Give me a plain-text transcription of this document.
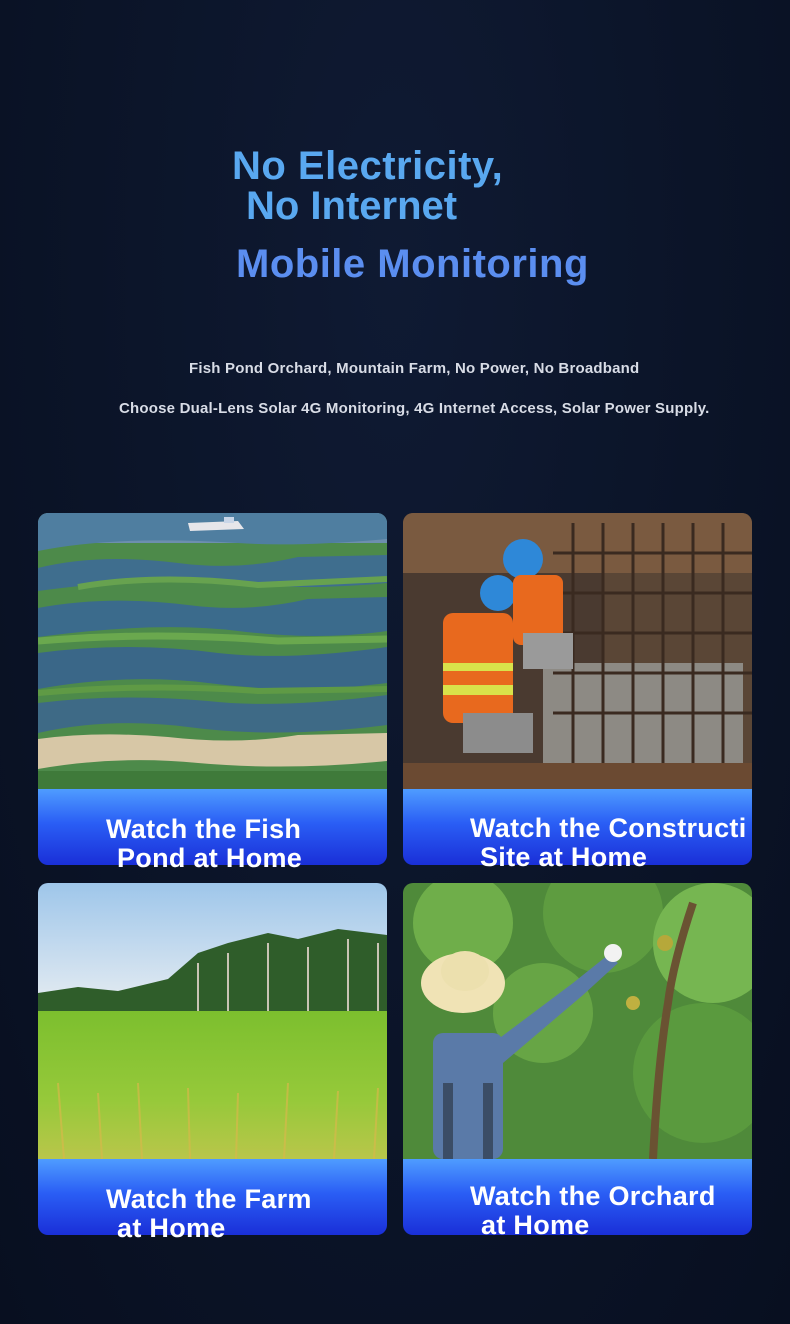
No Electricity,
No Internet
Mobile Monitoring
Fish Pond Orchard, Mountain Farm, No Power, No Broadband
Choose Dual-Lens Solar 4G Monitoring, 4G Internet Access, Solar Power Supply.
Watch the Fish
Pond at Home
Watch the Constructi
Site at Home
Watch the Farm
at Home
Watch the Orchard
at Home
